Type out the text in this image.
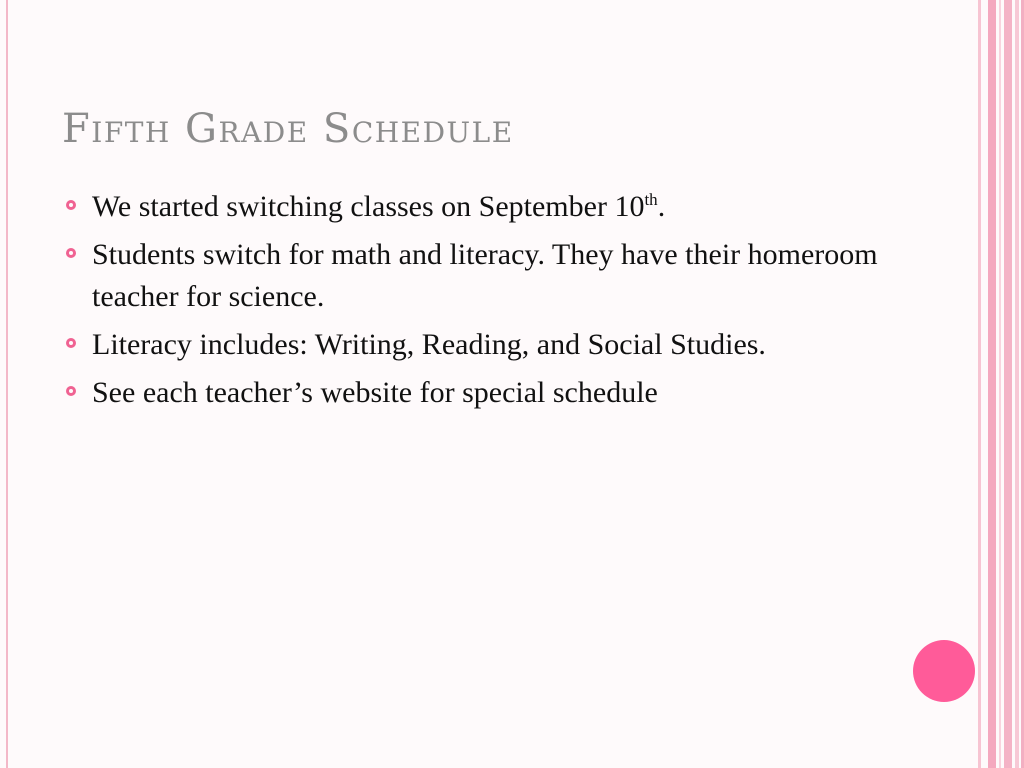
Fifth Grade Schedule
We started switching classes on September 10th.
Students switch for math and literacy. They have their homeroom teacher for science.
Literacy includes: Writing, Reading, and Social Studies.
See each teacher’s website for special schedule
